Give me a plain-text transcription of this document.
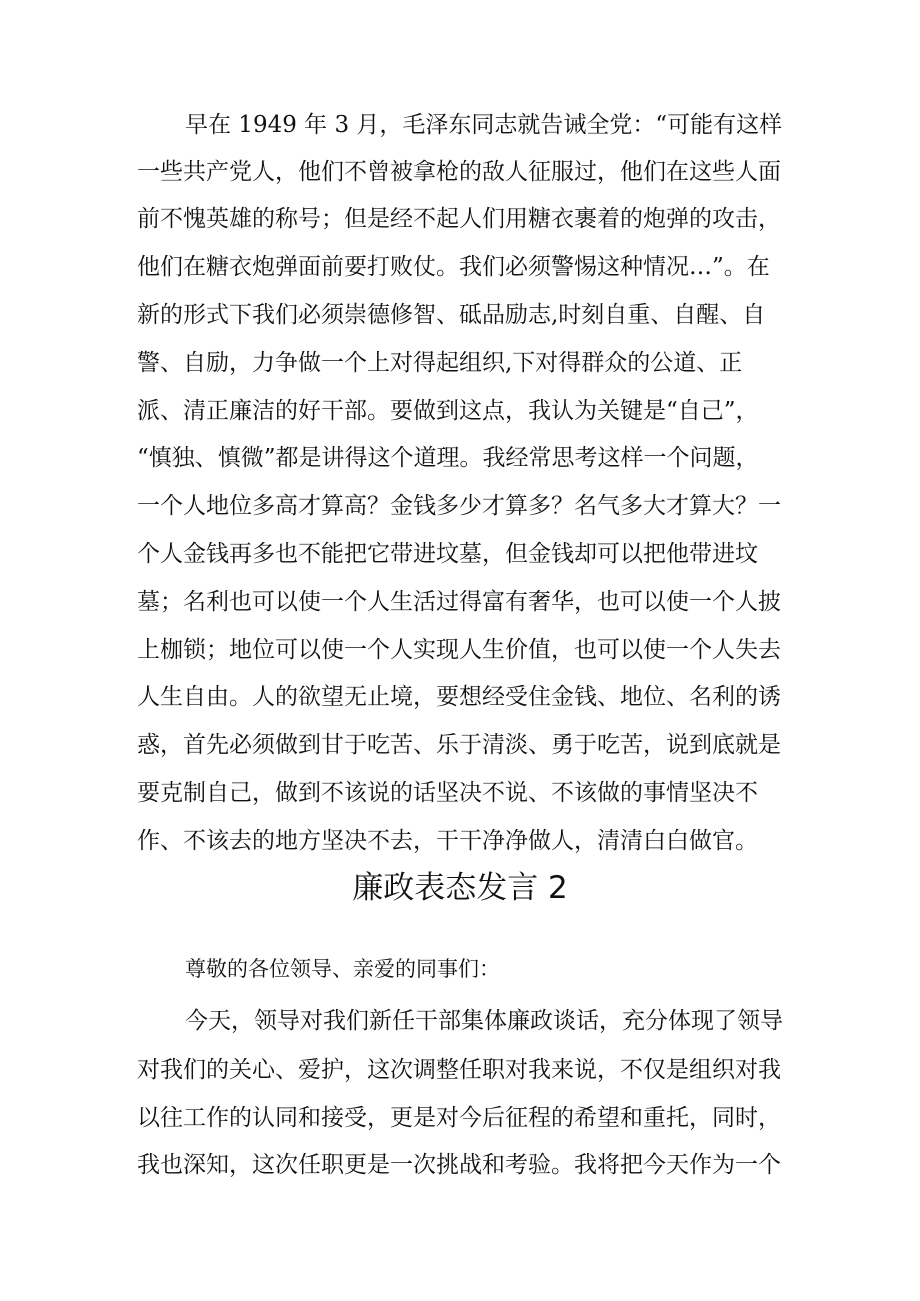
早在 1949 年 3 月，毛泽东同志就告诫全党：“可能有这样
一些共产党人，他们不曾被拿枪的敌人征服过，他们在这些人面
前不愧英雄的称号；但是经不起人们用糖衣裹着的炮弹的攻击，
他们在糖衣炮弹面前要打败仗。我们必须警惕这种情况…”。在
新的形式下我们必须崇德修智、砥品励志,时刻自重、自醒、自
警、自励，力争做一个上对得起组织,下对得群众的公道、正
派、清正廉洁的好干部。要做到这点，我认为关键是“自己”，
“慎独、慎微”都是讲得这个道理。我经常思考这样一个问题，
一个人地位多高才算高？金钱多少才算多？名气多大才算大？一
个人金钱再多也不能把它带进坟墓，但金钱却可以把他带进坟
墓；名利也可以使一个人生活过得富有奢华，也可以使一个人披
上枷锁；地位可以使一个人实现人生价值，也可以使一个人失去
人生自由。人的欲望无止境，要想经受住金钱、地位、名利的诱
惑，首先必须做到甘于吃苦、乐于清淡、勇于吃苦，说到底就是
要克制自己，做到不该说的话坚决不说、不该做的事情坚决不
作、不该去的地方坚决不去，干干净净做人，清清白白做官。
廉政表态发言 2
尊敬的各位领导、亲爱的同事们：
今天，领导对我们新任干部集体廉政谈话，充分体现了领导
对我们的关心、爱护，这次调整任职对我来说，不仅是组织对我
以往工作的认同和接受，更是对今后征程的希望和重托，同时，
我也深知，这次任职更是一次挑战和考验。我将把今天作为一个
